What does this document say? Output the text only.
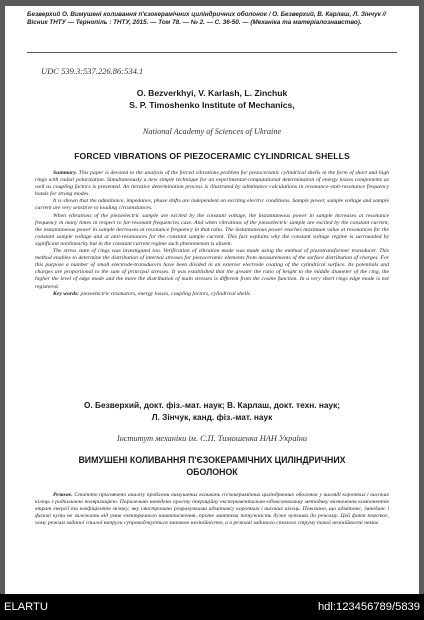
Безверхий О. Вимушені коливання п'єзокерамічних циліндричних оболонок / О. Безверхий, В. Карлаш, Л. Зінчук // Вісник ТНТУ — Тернопіль : ТНТУ, 2015. — Том 78. — № 2. — С. 36-50. — (Механіка та матеріалознавство).

UDC 539.3:537.226.86:534.1

O. Bezverkhyi, V. Karlash, L. Zinchuk
S. P. Timoshenko Institute of Mechanics,

National Academy of Sciences of Ukraine

FORCED VIBRATIONS OF PIEZOCERAMIC CYLINDRICAL SHELLS

Summary. This paper is devoted to the analysis of the forced vibrations problem for piezoceramic cylindrical shells in the form of short and high rings with radial polarization. Simultaneously a new simple technique for an experimental-computational determination of energy losses components as well as coupling factors is presented. An iterative determination process is illustrated by admittance calculations in resonance–anti-resonance frequency bands for strong modes.

It is shown that the admittance, impedance, phase shifts are independent on exciting electric conditions. Sample power, sample voltage and sample current are very sensitive to loading circumstances.

When vibrations of the piezoelectric sample are excited by the constant voltage, the instantaneous power in sample increases at resonance frequency in many times in respect to far-resonant frequencies case. And when vibrations of the piezoelectric sample are excited by the constant current, the instantaneous power in sample decreases at resonance frequency in that ratio. The instantaneous power reaches maximum value at resonances for the constant sample voltage and at anti-resonances for the constant sample current. This fact explains why the constant voltage regime is surrounded by significant nonlinearity but in the constant current regime such phenomenon is absent.

The stress state of rings was investigated too. Verification of vibration mode was made using the method of piezotransformer transducer. This method enables to determine the distribution of internal stresses for piezoceramic elements from measurements of the surface distribution of charges. For this purpose a number of small electrode-transducers have been divided in an exterior electrode coating of the cylindrical surface. Its potentials and charges are proportional to the sum of principal stresses. It was established that the greater the ratio of height to the middle diameter of the ring, the higher the level of edge mode and the more the distribution of main stresses is different from the cosine function. In a very short rings edge mode is not registered.

Key words: piezoelectric resonators, energy losses, coupling factors, cylindrical shells

О. Безверхий, докт. фіз.-мат. наук; В. Карлаш, докт. техн. наук;
Л. Зінчук, канд. фіз.-мат. наук

Інститут механіки ім. С.П. Тимошенка НАН України

ВИМУШЕНІ КОЛИВАННЯ П'ЄЗОКЕРАМІЧНИХ ЦИЛІНДРИЧНИХ
ОБОЛОНОК

Резюме. Статтю присвячено аналізу проблеми вимушених коливань п'єзокерамічних циліндричних оболонок у вигляді коротких і високих кілець з радіальною поляризацією. Паралельно наведено просту ітераційну експериментально-обчислювальну методику визначення компонентів втрат енергії та коефіцієнтів зв'язку, яку ілюстровано розрахунками адмітансу коротких і високих кілець. Показано, що адмітанс, імпеданс і фазові кути не залежать від умов електричного навантаження, проте миттєва потужність дуже чутлива до режиму. Цей факт пояснює, чому режим заданої сталої напруги супроводжується значною нелінійністю, а в режимі заданого сталого струму такої нелінійності немає.

ELARTU	hdl:123456789/5839
